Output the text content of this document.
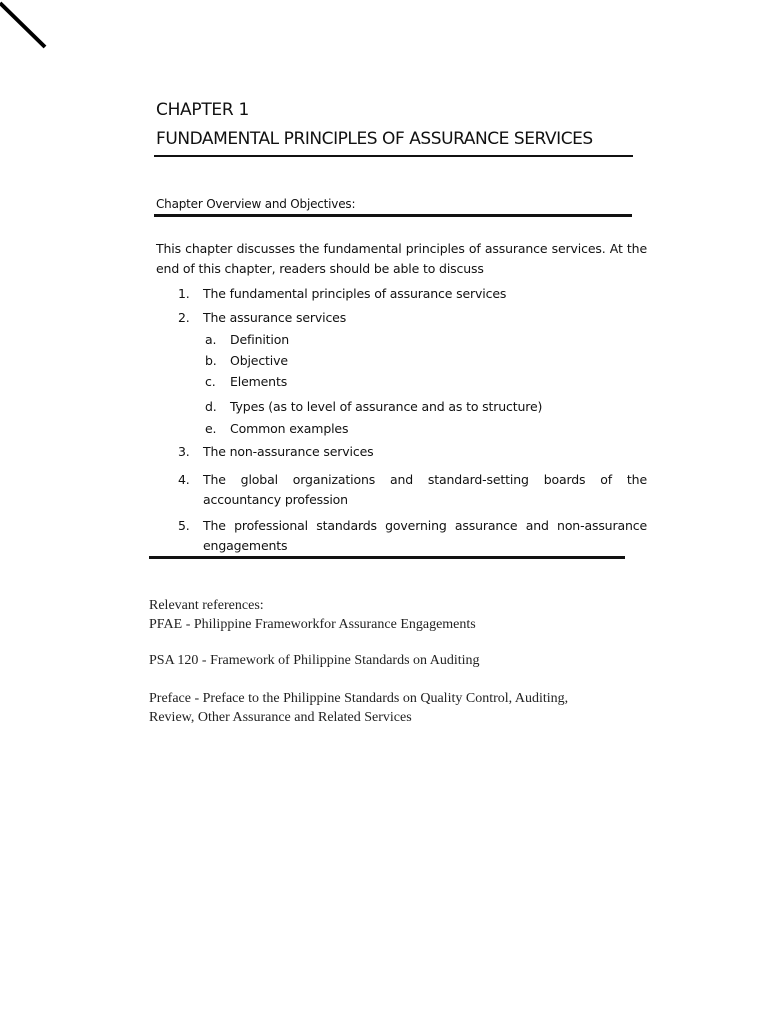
CHAPTER 1
FUNDAMENTAL PRINCIPLES OF ASSURANCE SERVICES
Chapter Overview and Objectives:

This chapter discusses the fundamental principles of assurance services. At the end of this chapter, readers should be able to discuss

1. The fundamental principles of assurance services
2. The assurance services
a. Definition
b. Objective
c. Elements
d. Types (as to level of assurance and as to structure)
e. Common examples
3. The non-assurance services
4. The global organizations and standard-setting boards of the accountancy profession
5. The professional standards governing assurance and non-assurance engagements
Relevant references:
PFAE - Philippine Frameworkfor Assurance Engagements
PSA 120 - Framework of Philippine Standards on Auditing
Preface - Preface to the Philippine Standards on Quality Control, Auditing,
Review, Other Assurance and Related Services
